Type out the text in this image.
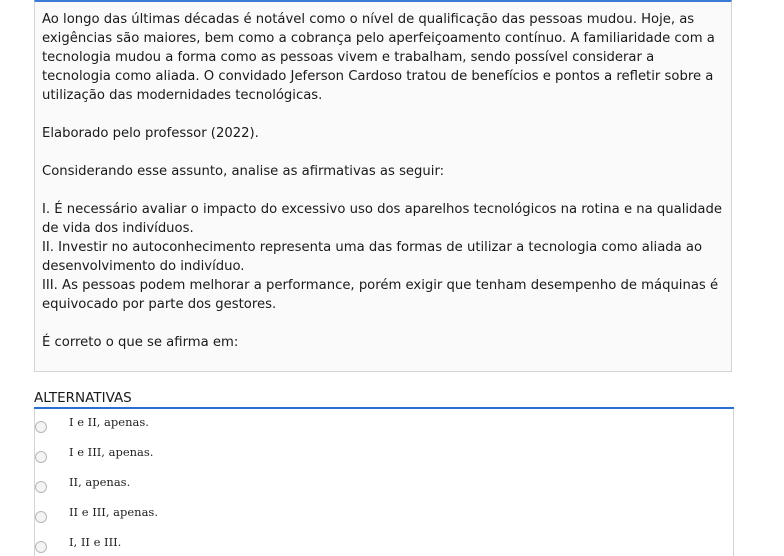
Ao longo das últimas décadas é notável como o nível de qualificação das pessoas mudou. Hoje, as exigências são maiores, bem como a cobrança pelo aperfeiçoamento contínuo. A familiaridade com a tecnologia mudou a forma como as pessoas vivem e trabalham, sendo possível considerar a tecnologia como aliada. O convidado Jeferson Cardoso tratou de benefícios e pontos a refletir sobre a utilização das modernidades tecnológicas.

Elaborado pelo professor (2022).

Considerando esse assunto, analise as afirmativas as seguir:

I. É necessário avaliar o impacto do excessivo uso dos aparelhos tecnológicos na rotina e na qualidade de vida dos indivíduos.

II. Investir no autoconhecimento representa uma das formas de utilizar a tecnologia como aliada ao desenvolvimento do indivíduo.

III. As pessoas podem melhorar a performance, porém exigir que tenham desempenho de máquinas é equivocado por parte dos gestores.

É correto o que se afirma em:

ALTERNATIVAS
I e II, apenas.
I e III, apenas.
II, apenas.
II e III, apenas.
I, II e III.
